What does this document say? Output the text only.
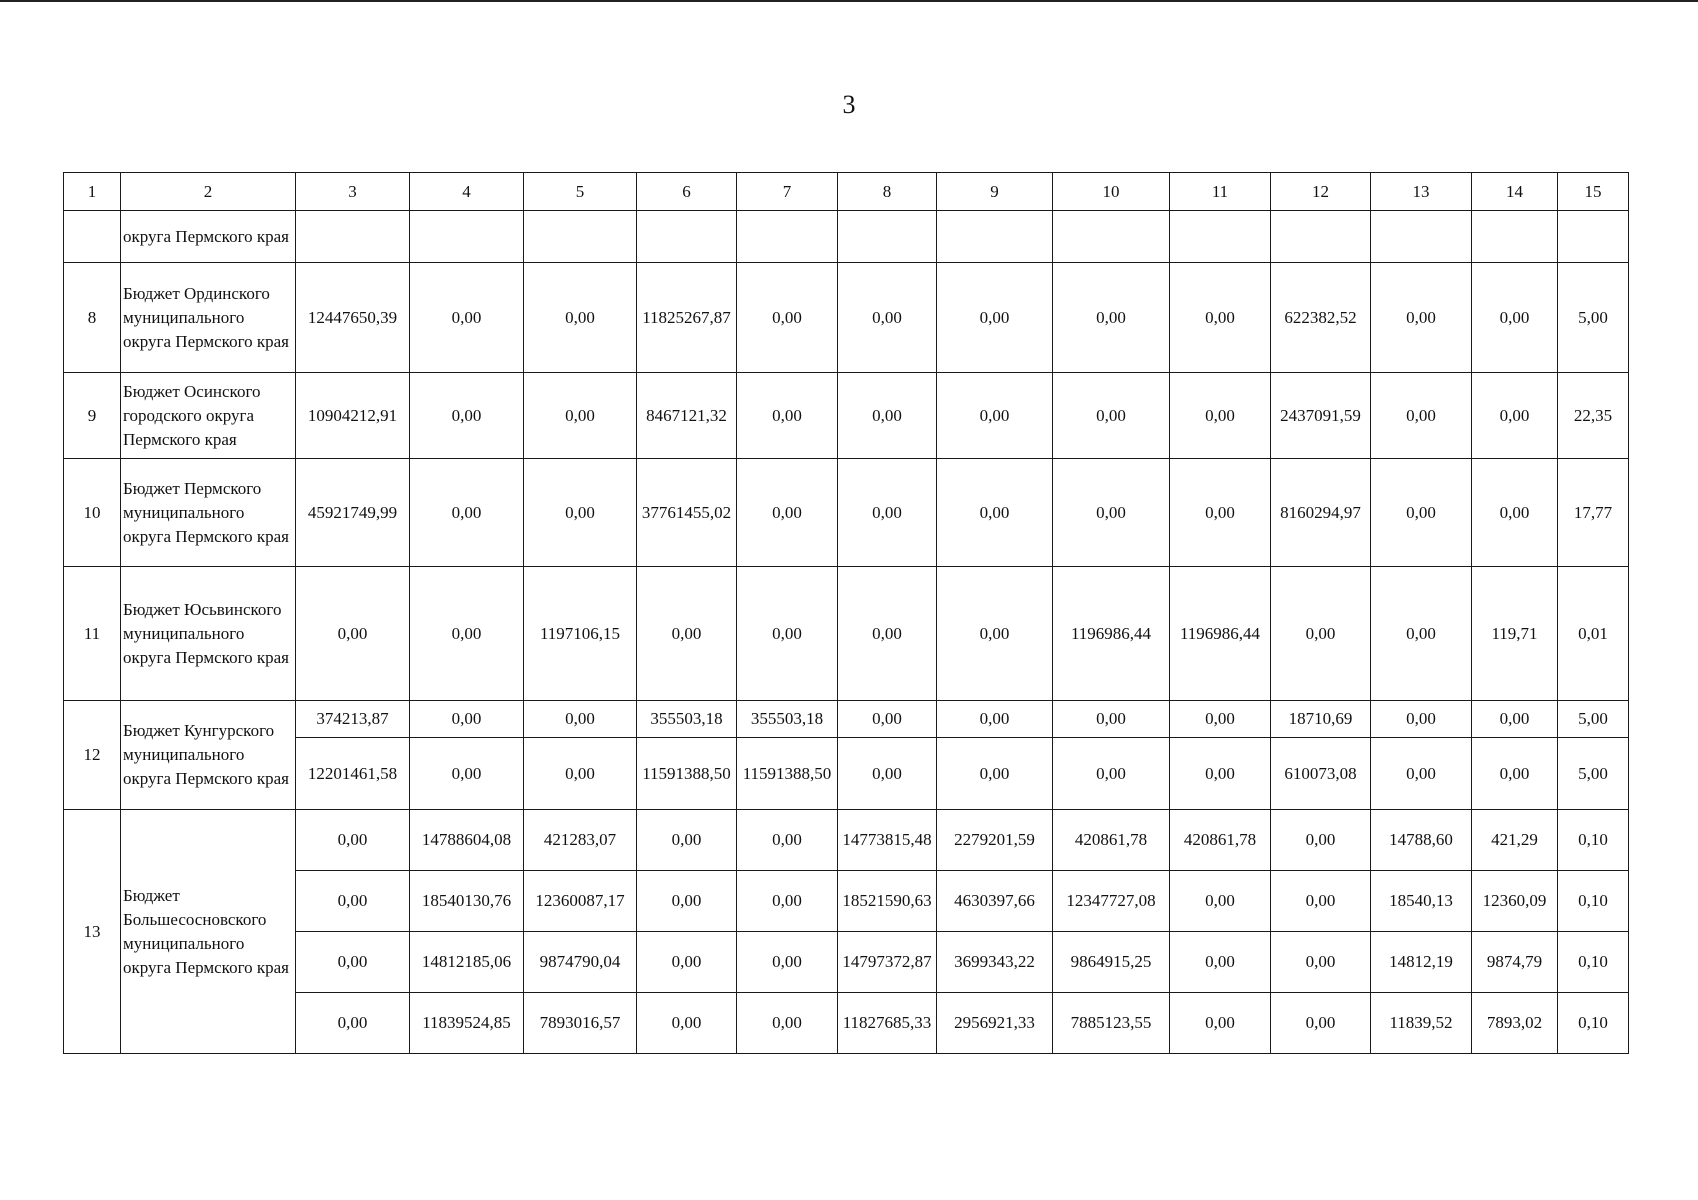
3
1	2	3	4	5	6	7	8	9	10	11	12	13	14	15
	округа Пермского края													
8	Бюджет Ординского муниципального округа Пермского края	12447650,39	0,00	0,00	11825267,87	0,00	0,00	0,00	0,00	0,00	622382,52	0,00	0,00	5,00
9	Бюджет Осинского городского округа Пермского края	10904212,91	0,00	0,00	8467121,32	0,00	0,00	0,00	0,00	0,00	2437091,59	0,00	0,00	22,35
10	Бюджет Пермского муниципального округа Пермского края	45921749,99	0,00	0,00	37761455,02	0,00	0,00	0,00	0,00	0,00	8160294,97	0,00	0,00	17,77
11	Бюджет Юсьвинского муниципального округа Пермского края	0,00	0,00	1197106,15	0,00	0,00	0,00	0,00	1196986,44	1196986,44	0,00	0,00	119,71	0,01
12	Бюджет Кунгурского муниципального округа Пермского края	374213,87	0,00	0,00	355503,18	355503,18	0,00	0,00	0,00	0,00	18710,69	0,00	0,00	5,00
		12201461,58	0,00	0,00	11591388,50	11591388,50	0,00	0,00	0,00	0,00	610073,08	0,00	0,00	5,00
13	Бюджет Большесосновского муниципального округа Пермского края	0,00	14788604,08	421283,07	0,00	0,00	14773815,48	2279201,59	420861,78	420861,78	0,00	14788,60	421,29	0,10
		0,00	18540130,76	12360087,17	0,00	0,00	18521590,63	4630397,66	12347727,08	0,00	0,00	18540,13	12360,09	0,10
		0,00	14812185,06	9874790,04	0,00	0,00	14797372,87	3699343,22	9864915,25	0,00	0,00	14812,19	9874,79	0,10
		0,00	11839524,85	7893016,57	0,00	0,00	11827685,33	2956921,33	7885123,55	0,00	0,00	11839,52	7893,02	0,10
